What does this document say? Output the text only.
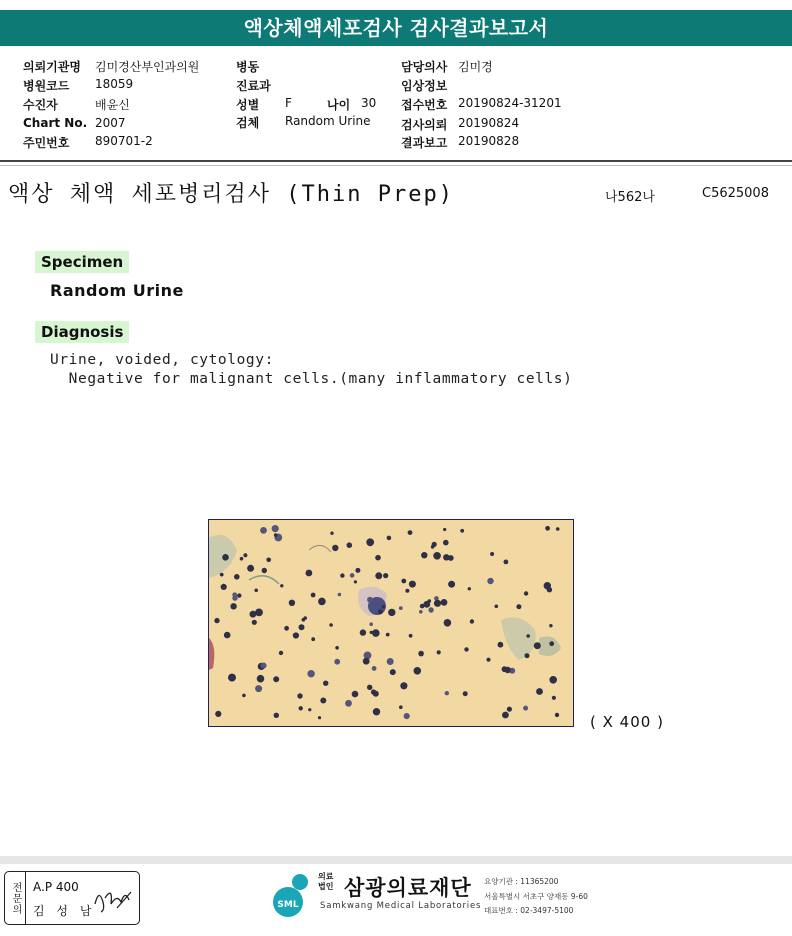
액상체액세포검사 검사결과보고서
의뢰기관명 김미경산부인과의원
병원코드 18059
수진자	배윤신
Chart No. 2007
주민번호 890701-2
병동
진료과
성별 F	나이 30
검체 Random Urine
담당의사 김미경
임상정보
접수번호 20190824-31201
검사의뢰 20190824
결과보고 20190828
액상 체액 세포병리검사 (Thin Prep)	나562나	C5625008
Specimen
Random Urine
Diagnosis
Urine, voided, cytology:
Negative for malignant cells.(many inflammatory cells)
( X 400 )
전문의	A.P 400
김 성 남	SML
의료
법인 삼광의료재단
Samkwang Medical Laboratories
요양기관 : 11365200
서울특별시 서초구 양재동 9-60
대표번호 : 02-3497-5100
